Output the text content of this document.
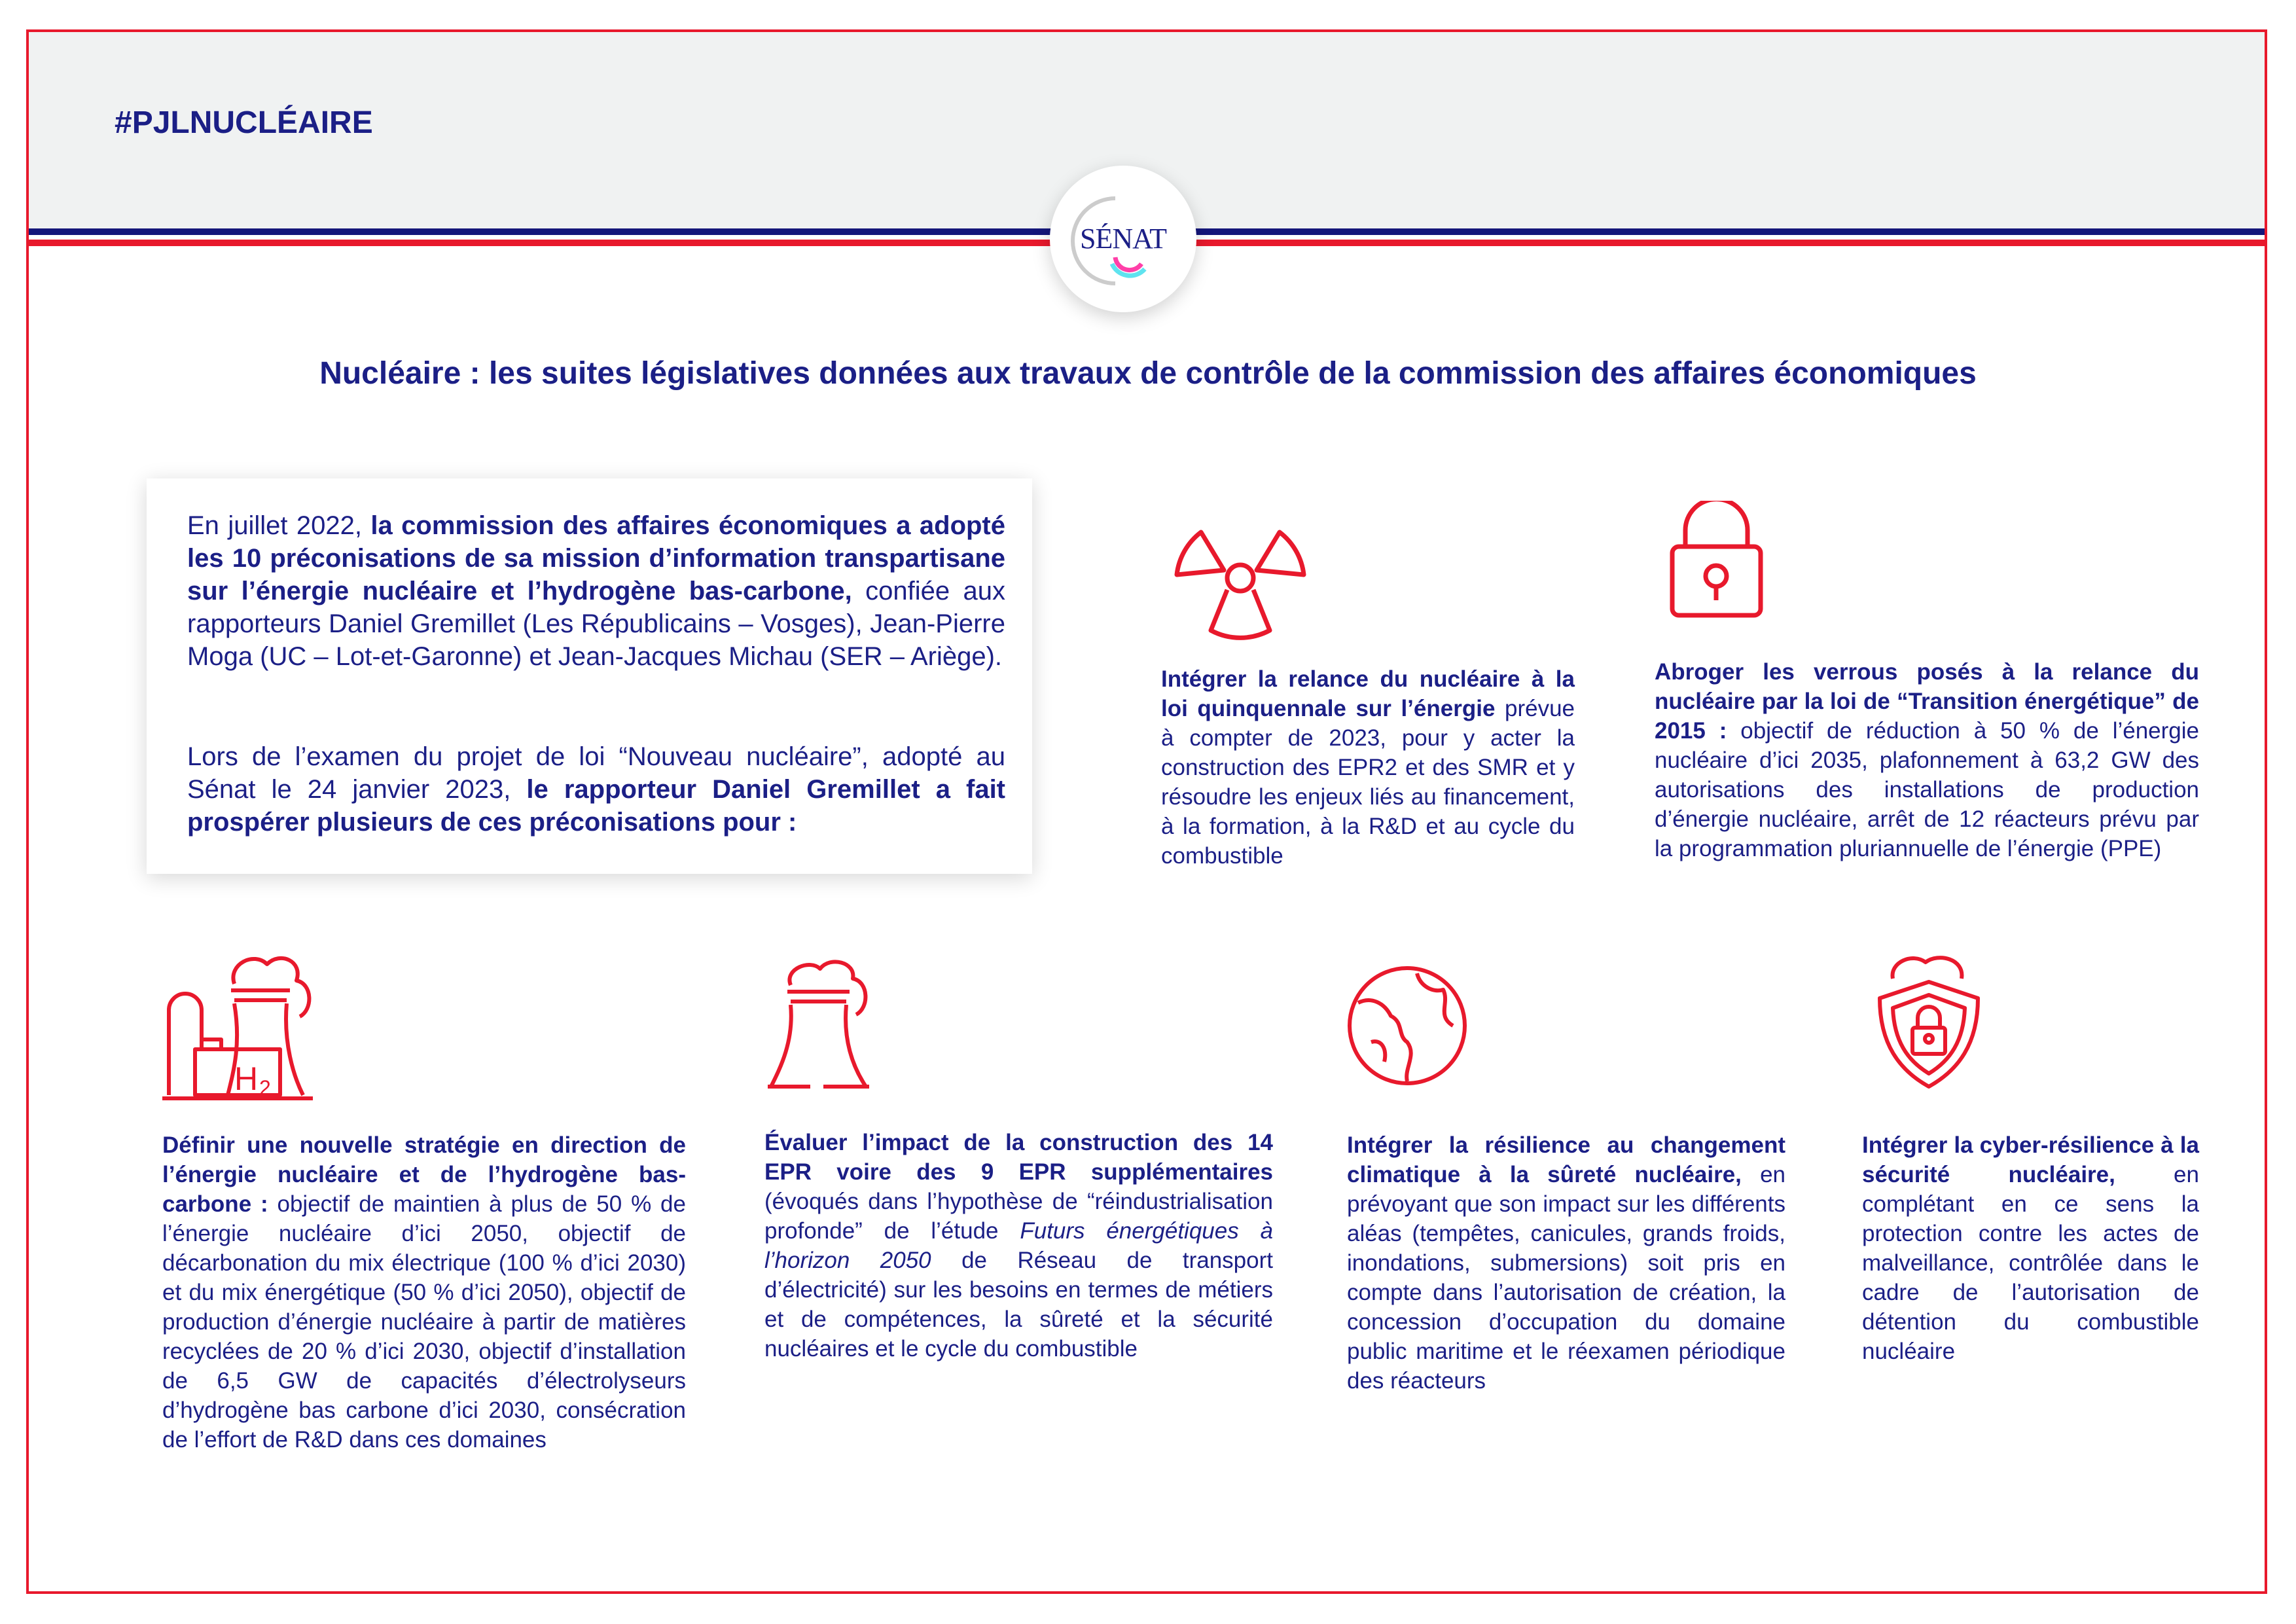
#PJLNUCLÉAIRE
SÉNAT
Nucléaire : les suites législatives données aux travaux de contrôle de la commission des affaires économiques

En juillet 2022, la commission des affaires économiques a adopté les 10 préconisations de sa mission d’information transpartisane sur l’énergie nucléaire et l’hydrogène bas-carbone, confiée aux rapporteurs Daniel Gremillet (Les Républicains – Vosges), Jean-Pierre Moga (UC – Lot-et-Garonne) et Jean-Jacques Michau (SER – Ariège).

Lors de l’examen du projet de loi “Nouveau nucléaire”, adopté au Sénat le 24 janvier 2023, le rapporteur Daniel Gremillet a fait prospérer plusieurs de ces préconisations pour :

H 2
Intégrer la relance du nucléaire à la loi quinquennale sur l’énergie prévue à compter de 2023, pour y acter la construction des EPR2 et des SMR et y résoudre les enjeux liés au financement, à la formation, à la R&D et au cycle du combustible
Abroger les verrous posés à la relance du nucléaire par la loi de “Transition énergétique” de 2015 : objectif de réduction à 50 % de l’énergie nucléaire d’ici 2035, plafonnement à 63,2 GW des autorisations des installations de production d’énergie nucléaire, arrêt de 12 réacteurs prévu par la programmation pluriannuelle de l’énergie (PPE)
Définir une nouvelle stratégie en direction de l’énergie nucléaire et de l’hydrogène bas-carbone : objectif de maintien à plus de 50 % de l’énergie nucléaire d’ici 2050, objectif de décarbonation du mix électrique (100 % d’ici 2030) et du mix énergétique (50 % d’ici 2050), objectif de production d’énergie nucléaire à partir de matières recyclées de 20 % d’ici 2030, objectif d’installation de 6,5 GW de capacités d’électrolyseurs d’hydrogène bas carbone d’ici 2030, consécration de l’effort de R&D dans ces domaines
Évaluer l’impact de la construction des 14 EPR voire des 9 EPR supplémentaires (évoqués dans l’hypothèse de “réindustrialisation profonde” de l’étude Futurs énergétiques à l’horizon 2050 de Réseau de transport d’électricité) sur les besoins en termes de métiers et de compétences, la sûreté et la sécurité nucléaires et le cycle du combustible
Intégrer la résilience au changement climatique à la sûreté nucléaire, en prévoyant que son impact sur les différents aléas (tempêtes, canicules, grands froids, inondations, submersions) soit pris en compte dans l’autorisation de création, la concession d’occupation du domaine public maritime et le réexamen périodique des réacteurs
Intégrer la cyber-résilience à la sécurité nucléaire, en complétant en ce sens la protection contre les actes de malveillance, contrôlée dans le cadre de l’autorisation de détention du combustible nucléaire
